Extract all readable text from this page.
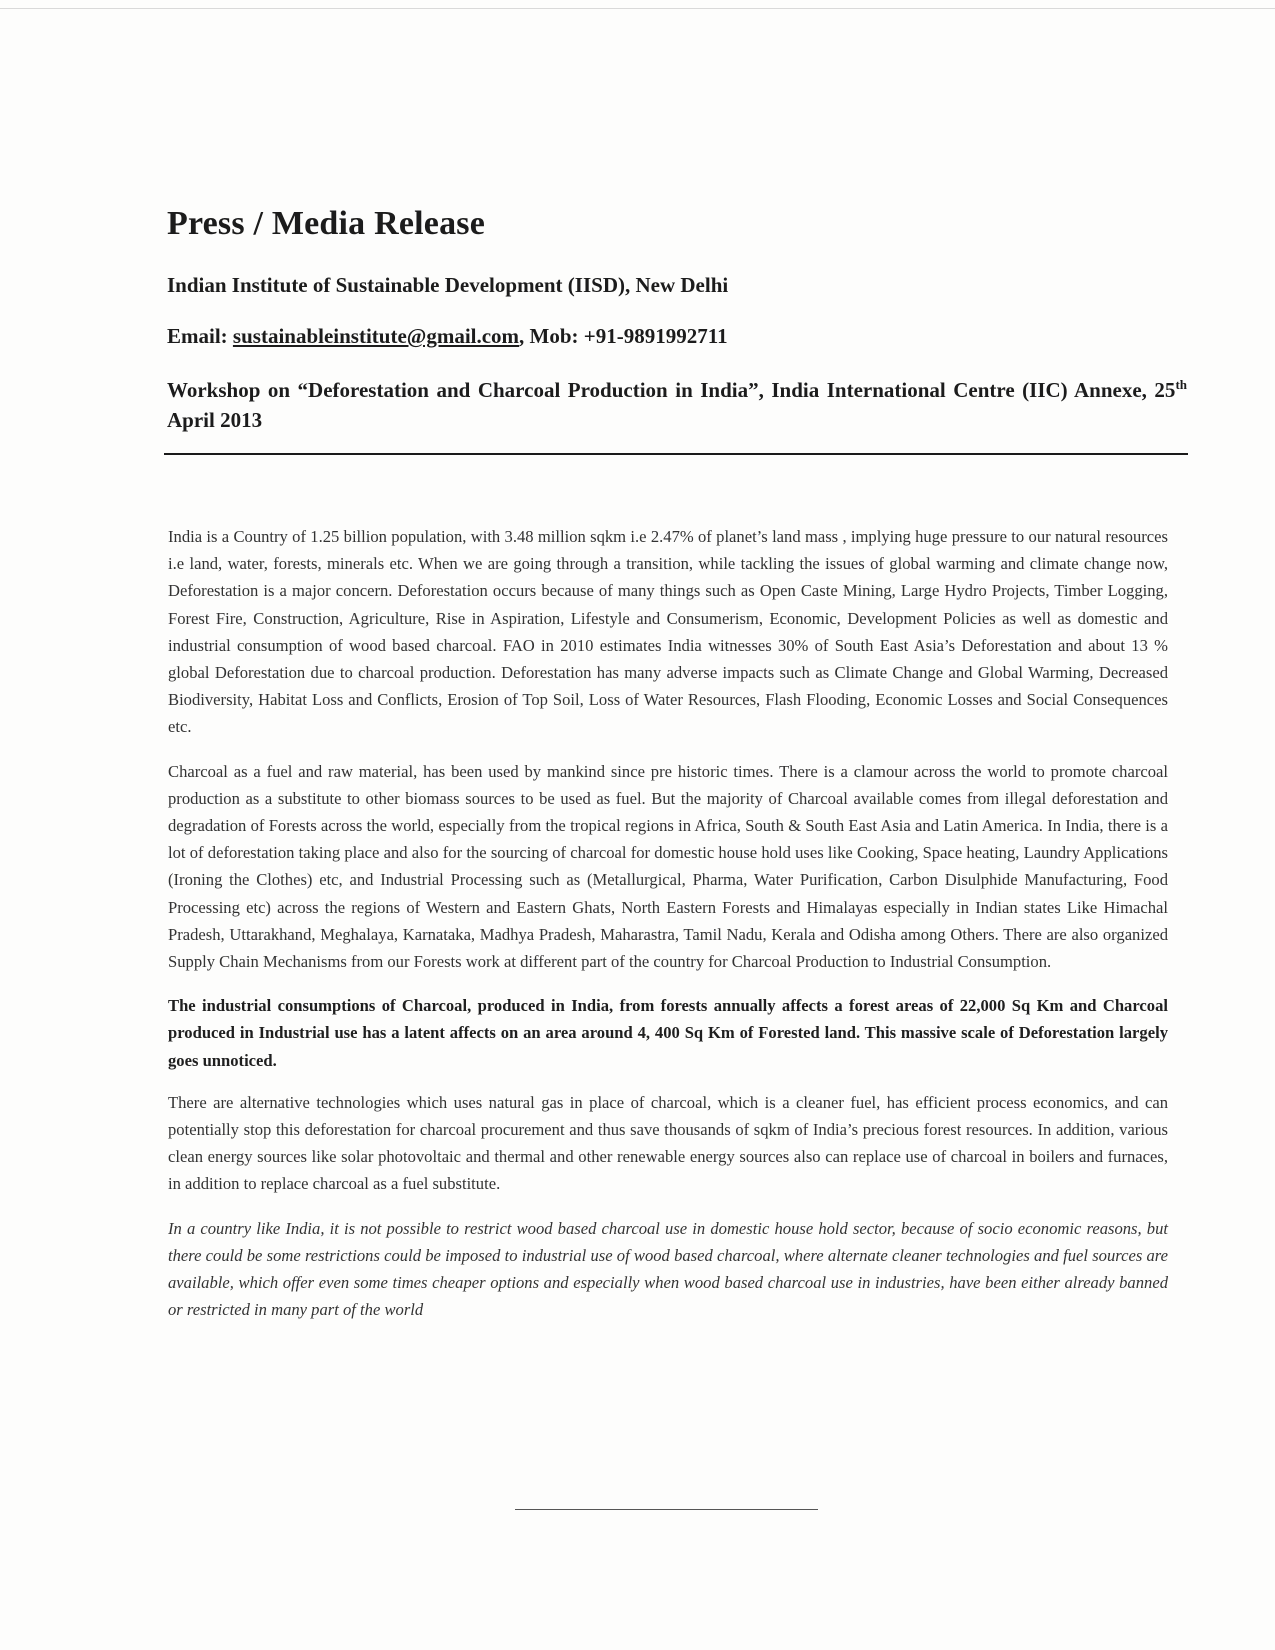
Press / Media Release
Indian Institute of Sustainable Development (IISD), New Delhi
Email: sustainableinstitute@gmail.com, Mob: +91-9891992711
Workshop on “Deforestation and Charcoal Production in India”, India International Centre (IIC) Annexe, 25th April 2013

India is a Country of 1.25 billion population, with 3.48 million sqkm i.e 2.47% of planet’s land mass , implying huge pressure to our natural resources i.e land, water, forests, minerals etc. When we are going through a transition, while tackling the issues of global warming and climate change now, Deforestation is a major concern. Deforestation occurs because of many things such as Open Caste Mining, Large Hydro Projects, Timber Logging, Forest Fire, Construction, Agriculture, Rise in Aspiration, Lifestyle and Consumerism, Economic, Development Policies as well as domestic and industrial consumption of wood based charcoal. FAO in 2010 estimates India witnesses 30% of South East Asia’s Deforestation and about 13 % global Deforestation due to charcoal production. Deforestation has many adverse impacts such as Climate Change and Global Warming, Decreased Biodiversity, Habitat Loss and Conflicts, Erosion of Top Soil, Loss of Water Resources, Flash Flooding, Economic Losses and Social Consequences etc.

Charcoal as a fuel and raw material, has been used by mankind since pre historic times. There is a clamour across the world to promote charcoal production as a substitute to other biomass sources to be used as fuel. But the majority of Charcoal available comes from illegal deforestation and degradation of Forests across the world, especially from the tropical regions in Africa, South & South East Asia and Latin America. In India, there is a lot of deforestation taking place and also for the sourcing of charcoal for domestic house hold uses like Cooking, Space heating, Laundry Applications (Ironing the Clothes) etc, and Industrial Processing such as (Metallurgical, Pharma, Water Purification, Carbon Disulphide Manufacturing, Food Processing etc) across the regions of Western and Eastern Ghats, North Eastern Forests and Himalayas especially in Indian states Like Himachal Pradesh, Uttarakhand, Meghalaya, Karnataka, Madhya Pradesh, Maharastra, Tamil Nadu, Kerala and Odisha among Others. There are also organized Supply Chain Mechanisms from our Forests work at different part of the country for Charcoal Production to Industrial Consumption.

The industrial consumptions of Charcoal, produced in India, from forests annually affects a forest areas of 22,000 Sq Km and Charcoal produced in Industrial use has a latent affects on an area around 4, 400 Sq Km of Forested land. This massive scale of Deforestation largely goes unnoticed.

There are alternative technologies which uses natural gas in place of charcoal, which is a cleaner fuel, has efficient process economics, and can potentially stop this deforestation for charcoal procurement and thus save thousands of sqkm of India’s precious forest resources. In addition, various clean energy sources like solar photovoltaic and thermal and other renewable energy sources also can replace use of charcoal in boilers and furnaces, in addition to replace charcoal as a fuel substitute.

In a country like India, it is not possible to restrict wood based charcoal use in domestic house hold sector, because of socio economic reasons, but there could be some restrictions could be imposed to industrial use of wood based charcoal, where alternate cleaner technologies and fuel sources are available, which offer even some times cheaper options and especially when wood based charcoal use in industries, have been either already banned or restricted in many part of the world
